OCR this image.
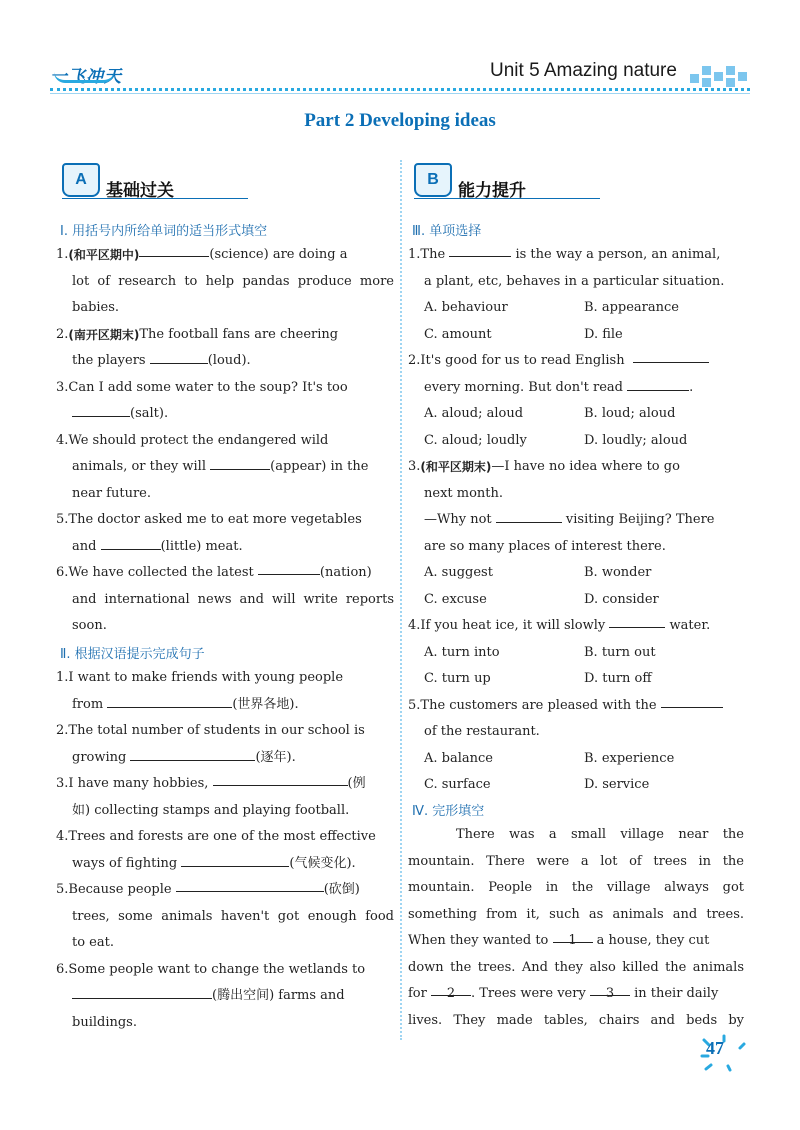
一飞冲天	Unit 5 Amazing nature
Part 2 Developing ideas
A
基础过关
Ⅰ. 用括号内所给单词的适当形式填空
1. (和平区期中)	(science) are doing a

lot of research to help pandas produce more

babies.

2. (南开区期末) The football fans are cheering

the players	(loud).

3. Can I add some water to the soup? It's too

(salt).

4. We should protect the endangered wild

animals, or they will	(appear) in the

near future.

5. The doctor asked me to eat more vegetables

and	(little) meat.

6. We have collected the latest
	(nation)

and international news and will write reports

soon.

Ⅱ. 根据汉语提示完成句子
1. I want to make friends with young people

from	(世界各地).

2. The total number of students in our school is

growing	(逐年).

3. I have many hobbies,
	(例

如) collecting stamps and playing football.

4. Trees and forests are one of the most effective

ways of fighting	(气候变化).

5. Because people
	(砍倒)

trees, some animals haven't got enough food

to eat.

6. Some people want to change the wetlands to

(腾出空间) farms and

buildings.

B
能力提升
Ⅲ. 单项选择
1. The

	is the way a person, an animal,

a plant, etc, behaves in a particular situation.

A. behaviour	B. appearance
C. amount	D. file
2. It's good for us to read English

every morning. But don't read	.

A. aloud; aloud	B. loud; aloud
C. aloud; loudly	D. loudly; aloud
3. (和平区期末) —I have no idea where to go

next month.

—Why not	visiting Beijing? There

are so many places of interest there.

A. suggest	B. wonder
C. excuse	D. consider
4. If you heat ice, it will slowly

	water.
A. turn into	B. turn out
C. turn up	D. turn off
5. The customers are pleased with the

of the restaurant.

A. balance	B. experience
C. surface	D. service
Ⅳ. 完形填空

There was a small village near the

mountain. There were a lot of trees in the

mountain. People in the village always got

something from it, such as animals and trees.

When they wanted to 1 a house, they cut

down the trees. And they also killed the animals

for 2 . Trees were very 3 in their daily

lives. They made tables, chairs and beds by

47
